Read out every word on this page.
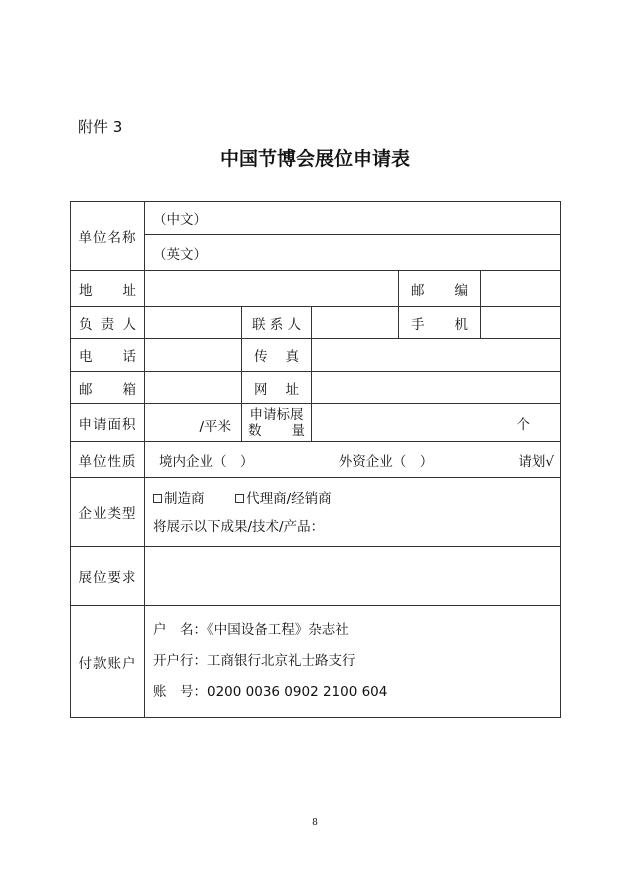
附件 3
中国节博会展位申请表
单位名称	（中文）				
	（英文）				

地 址				邮 编	

负 责 人		联 系 人		手 机	

电 话		传 真			

邮 箱		网 址			

申请面积	/平米	申请标展
数 量	个		
单位性质	境内企业（　） 外资企业（　） 请划√				

企业类型	制造商 代理商/经销商
将展示以下成果/技术/产品：				

展位要求					
付款账户	户　名：《中国设备工程》杂志社
开户行：工商银行北京礼士路支行
账　号：0200 0036 0902 2100 604				
8
